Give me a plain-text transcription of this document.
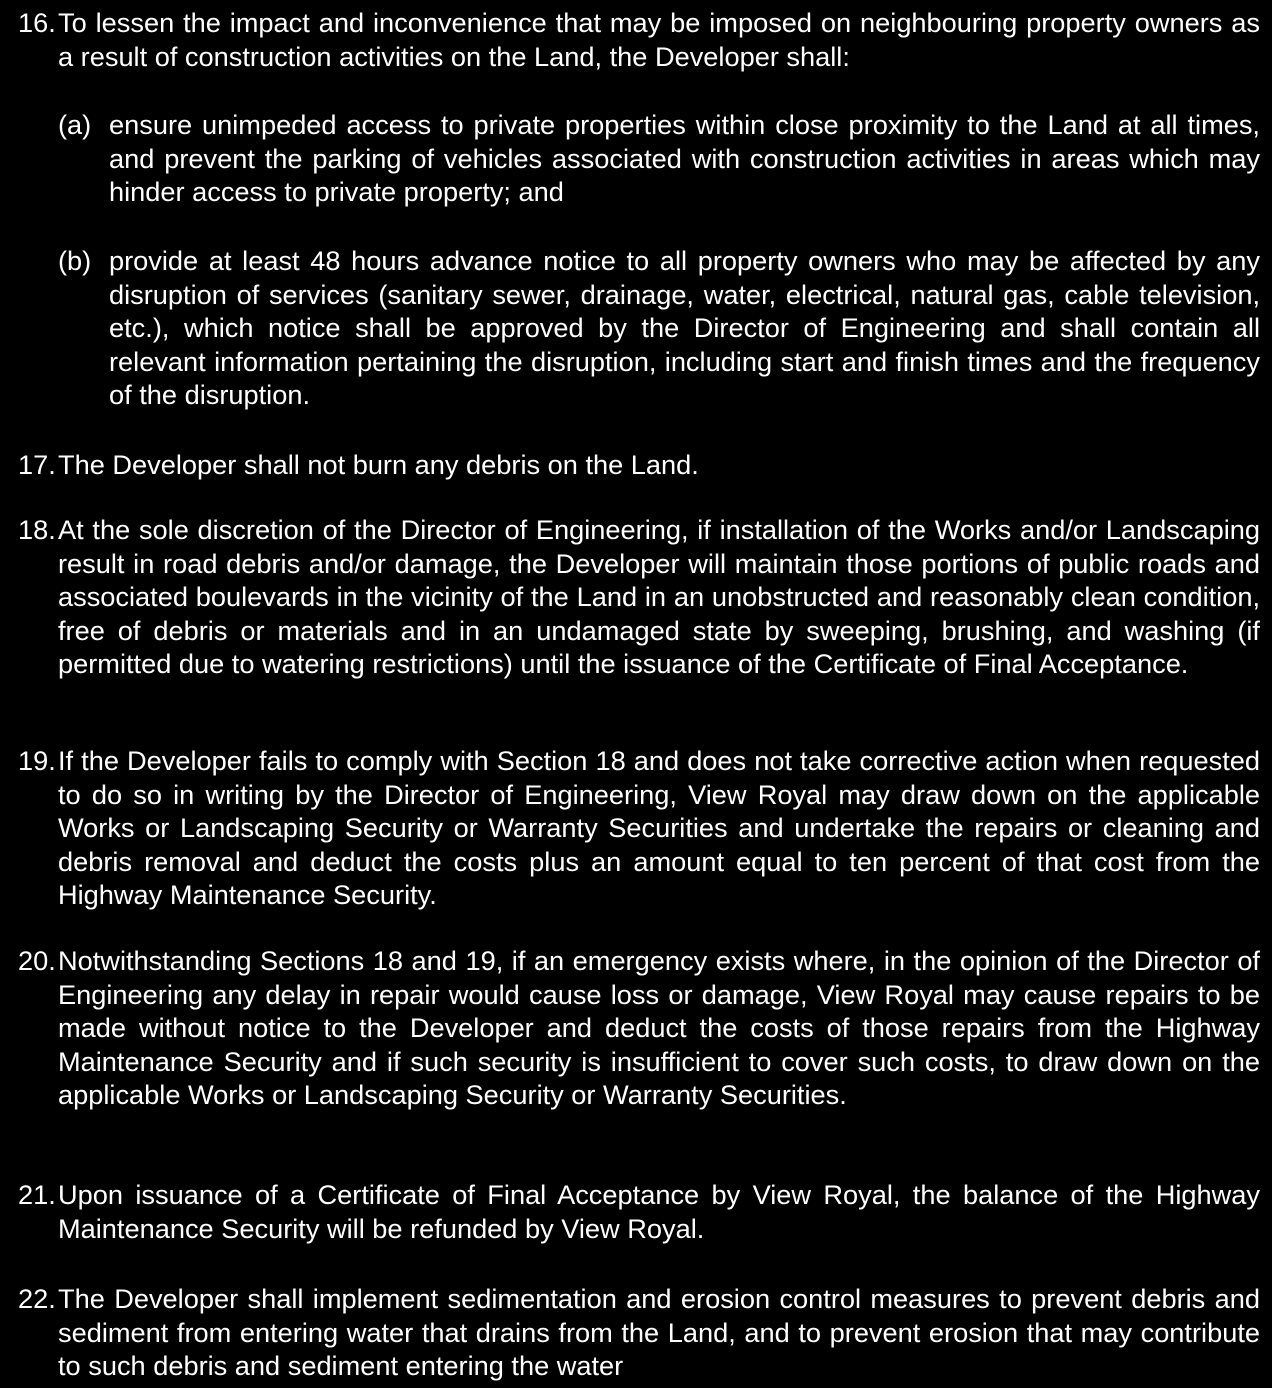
16. To lessen the impact and inconvenience that may be imposed on neighbouring property owners as a result of construction activities on the Land, the Developer shall:
(a) ensure unimpeded access to private properties within close proximity to the Land at all times, and prevent the parking of vehicles associated with construction activities in areas which may hinder access to private property; and
(b) provide at least 48 hours advance notice to all property owners who may be affected by any disruption of services (sanitary sewer, drainage, water, electrical, natural gas, cable television, etc.), which notice shall be approved by the Director of Engineering and shall contain all relevant information pertaining the disruption, including start and finish times and the frequency of the disruption.
17. The Developer shall not burn any debris on the Land.
18. At the sole discretion of the Director of Engineering, if installation of the Works and/or Landscaping result in road debris and/or damage, the Developer will maintain those portions of public roads and associated boulevards in the vicinity of the Land in an unobstructed and reasonably clean condition, free of debris or materials and in an undamaged state by sweeping, brushing, and washing (if permitted due to watering restrictions) until the issuance of the Certificate of Final Acceptance.
19. If the Developer fails to comply with Section 18 and does not take corrective action when requested to do so in writing by the Director of Engineering, View Royal may draw down on the applicable Works or Landscaping Security or Warranty Securities and undertake the repairs or cleaning and debris removal and deduct the costs plus an amount equal to ten percent of that cost from the Highway Maintenance Security.
20. Notwithstanding Sections 18 and 19, if an emergency exists where, in the opinion of the Director of Engineering any delay in repair would cause loss or damage, View Royal may cause repairs to be made without notice to the Developer and deduct the costs of those repairs from the Highway Maintenance Security and if such security is insufficient to cover such costs, to draw down on the applicable Works or Landscaping Security or Warranty Securities.
21. Upon issuance of a Certificate of Final Acceptance by View Royal, the balance of the Highway Maintenance Security will be refunded by View Royal.
22. The Developer shall implement sedimentation and erosion control measures to prevent debris and sediment from entering water that drains from the Land, and to prevent erosion that may contribute to such debris and sediment entering the water
